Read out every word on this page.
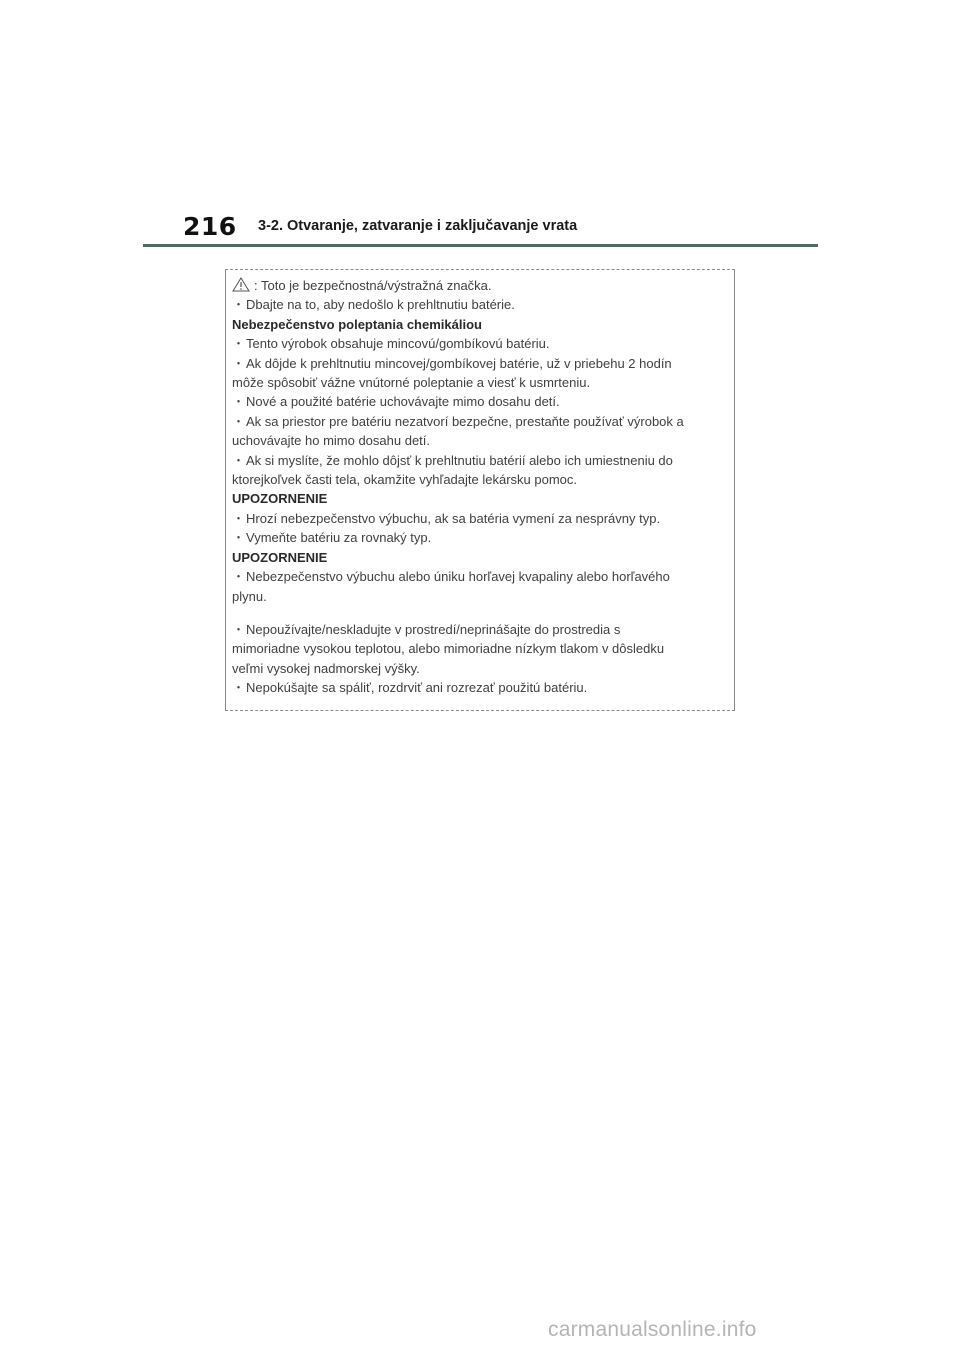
216 3-2. Otvaranje, zatvaranje i zaključavanje vrata
: Toto je bezpečnostná/výstražná značka.
・Dbajte na to, aby nedošlo k prehltnutiu batérie.
Nebezpečenstvo poleptania chemikáliou
・Tento výrobok obsahuje mincovú/gombíkovú batériu.
・Ak dôjde k prehltnutiu mincovej/gombíkovej batérie, už v priebehu 2 hodín
môže spôsobiť vážne vnútorné poleptanie a viesť k usmrteniu.
・Nové a použité batérie uchovávajte mimo dosahu detí.
・Ak sa priestor pre batériu nezatvorí bezpečne, prestaňte používať výrobok a
uchovávajte ho mimo dosahu detí.
・Ak si myslíte, že mohlo dôjsť k prehltnutiu batérií alebo ich umiestneniu do
ktorejkoľvek časti tela, okamžite vyhľadajte lekársku pomoc.
UPOZORNENIE
・Hrozí nebezpečenstvo výbuchu, ak sa batéria vymení za nesprávny typ.
・Vymeňte batériu za rovnaký typ.
UPOZORNENIE
・Nebezpečenstvo výbuchu alebo úniku horľavej kvapaliny alebo horľavého
plynu.
・Nepoužívajte/neskladujte v prostredí/neprinášajte do prostredia s
mimoriadne vysokou teplotou, alebo mimoriadne nízkym tlakom v dôsledku
veľmi vysokej nadmorskej výšky.
・Nepokúšajte sa spáliť, rozdrviť ani rozrezať použitú batériu.
carmanualsonline.info
